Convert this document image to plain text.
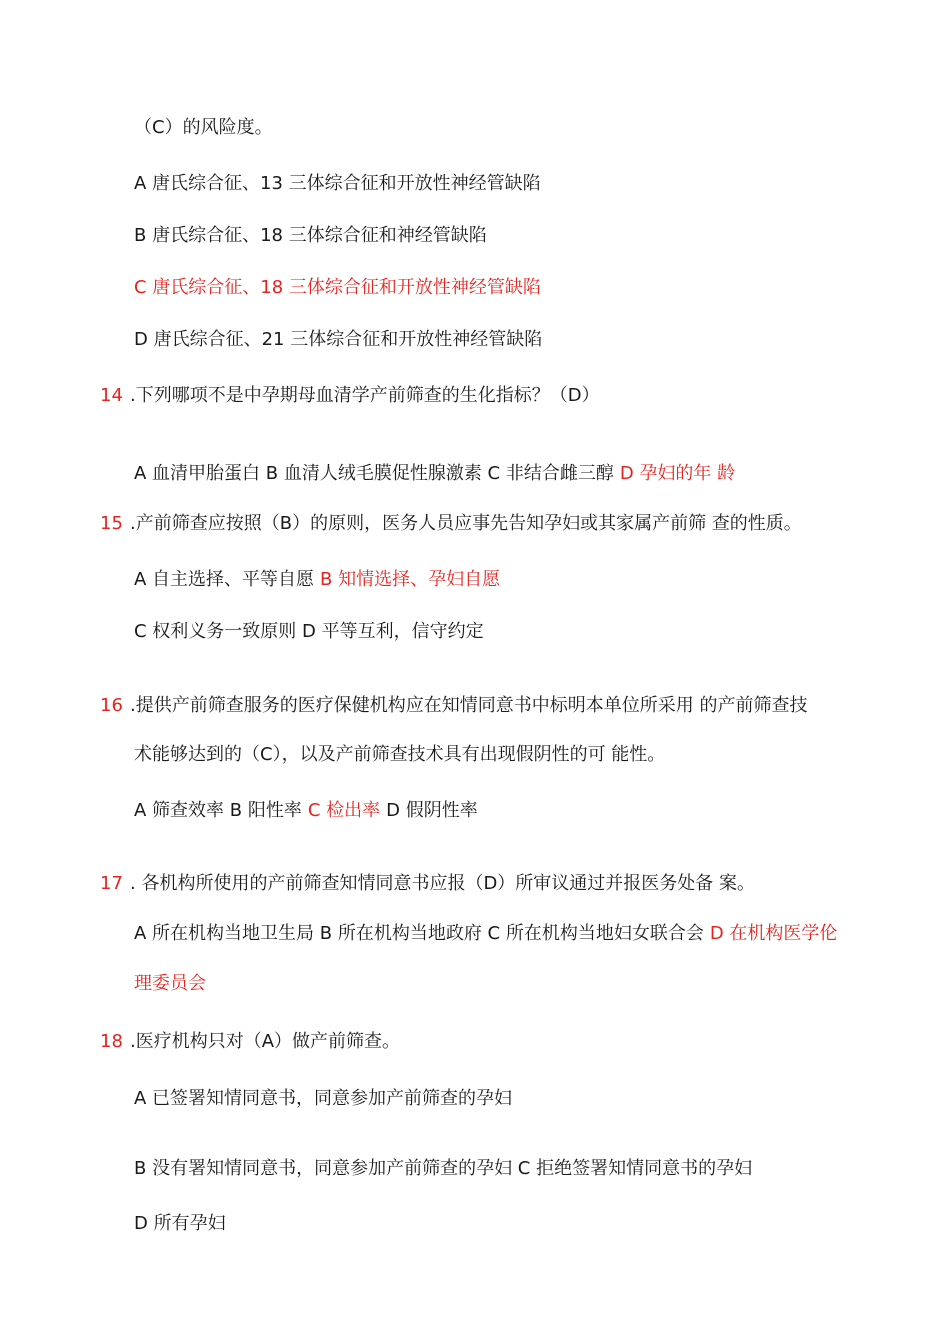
（C）的风险度。
A 唐氏综合征、13 三体综合征和开放性神经管缺陷
B 唐氏综合征、18 三体综合征和神经管缺陷
C 唐氏综合征、18 三体综合征和开放性神经管缺陷
D 唐氏综合征、21 三体综合征和开放性神经管缺陷
14 .下列哪项不是中孕期母血清学产前筛查的生化指标？（D）
A 血清甲胎蛋白 B 血清人绒毛膜促性腺激素 C 非结合雌三醇 D 孕妇的年 龄
15 .产前筛查应按照（B）的原则，医务人员应事先告知孕妇或其家属产前筛 查的性质。
A 自主选择、平等自愿 B 知情选择、孕妇自愿
C 权利义务一致原则 D 平等互利，信守约定
16 .提供产前筛查服务的医疗保健机构应在知情同意书中标明本单位所采用 的产前筛查技
术能够达到的（C），以及产前筛查技术具有出现假阴性的可 能性。
A 筛查效率 B 阳性率 C 检出率 D 假阴性率
17 . 各机构所使用的产前筛查知情同意书应报（D）所审议通过并报医务处备 案。
A 所在机构当地卫生局 B 所在机构当地政府 C 所在机构当地妇女联合会 D 在机构医学伦
理委员会
18 .医疗机构只对（A）做产前筛查。
A 已签署知情同意书，同意参加产前筛查的孕妇
B 没有署知情同意书，同意参加产前筛查的孕妇 C 拒绝签署知情同意书的孕妇
D 所有孕妇
